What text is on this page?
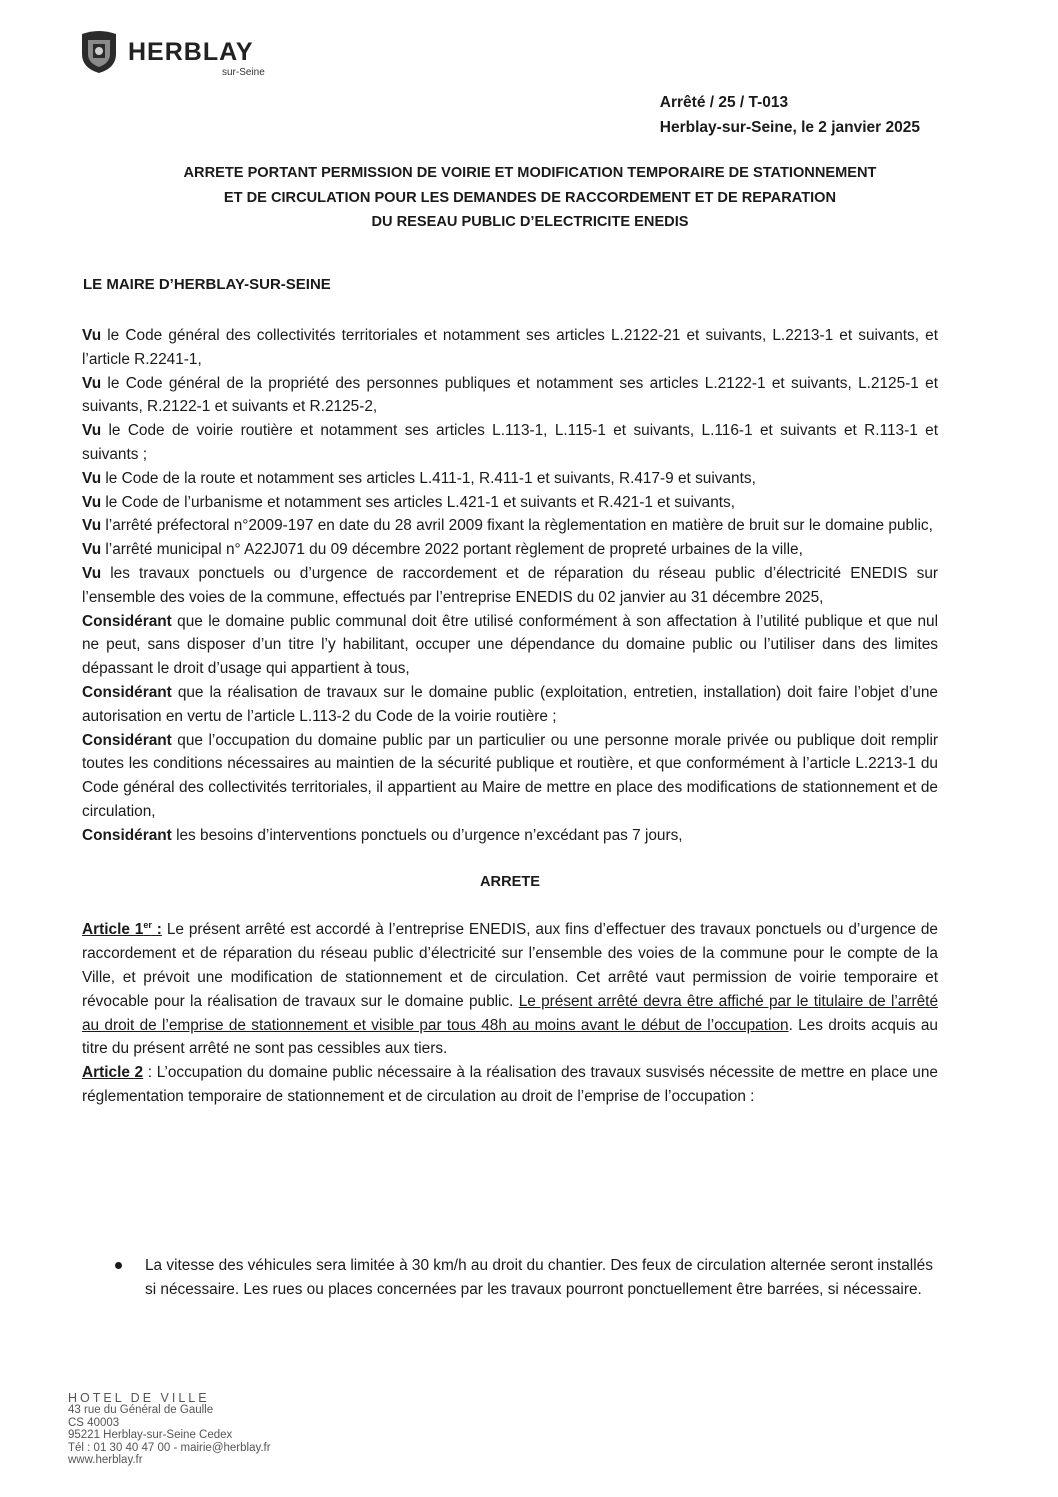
HERBLAY
sur-Seine
Arrêté / 25 / T-013
Herblay-sur-Seine, le 2 janvier 2025
ARRETE PORTANT PERMISSION DE VOIRIE ET MODIFICATION TEMPORAIRE DE STATIONNEMENT
ET DE CIRCULATION POUR LES DEMANDES DE RACCORDEMENT ET DE REPARATION
DU RESEAU PUBLIC D’ELECTRICITE ENEDIS
LE MAIRE D’HERBLAY-SUR-SEINE

Vu le Code général des collectivités territoriales et notamment ses articles L.2122-21 et suivants, L.2213-1 et suivants, et l’article R.2241-1,

Vu le Code général de la propriété des personnes publiques et notamment ses articles L.2122-1 et suivants, L.2125-1 et suivants, R.2122-1 et suivants et R.2125-2,

Vu le Code de voirie routière et notamment ses articles L.113-1, L.115-1 et suivants, L.116-1 et suivants et R.113-1 et suivants ;

Vu le Code de la route et notamment ses articles L.411-1, R.411-1 et suivants, R.417-9 et suivants,

Vu le Code de l’urbanisme et notamment ses articles L.421-1 et suivants et R.421-1 et suivants,

Vu l’arrêté préfectoral n°2009-197 en date du 28 avril 2009 fixant la règlementation en matière de bruit sur le domaine public,

Vu l’arrêté municipal n° A22J071 du 09 décembre 2022 portant règlement de propreté urbaines de la ville,

Vu les travaux ponctuels ou d’urgence de raccordement et de réparation du réseau public d’électricité ENEDIS sur l’ensemble des voies de la commune, effectués par l’entreprise ENEDIS du 02 janvier au 31 décembre 2025,

Considérant que le domaine public communal doit être utilisé conformément à son affectation à l’utilité publique et que nul ne peut, sans disposer d’un titre l’y habilitant, occuper une dépendance du domaine public ou l’utiliser dans des limites dépassant le droit d’usage qui appartient à tous,

Considérant que la réalisation de travaux sur le domaine public (exploitation, entretien, installation) doit faire l’objet d’une autorisation en vertu de l’article L.113-2 du Code de la voirie routière ;

Considérant que l’occupation du domaine public par un particulier ou une personne morale privée ou publique doit remplir toutes les conditions nécessaires au maintien de la sécurité publique et routière, et que conformément à l’article L.2213-1 du Code général des collectivités territoriales, il appartient au Maire de mettre en place des modifications de stationnement et de circulation,

Considérant les besoins d’interventions ponctuels ou d’urgence n’excédant pas 7 jours,

ARRETE

Article 1er : Le présent arrêté est accordé à l’entreprise ENEDIS, aux fins d’effectuer des travaux ponctuels ou d’urgence de raccordement et de réparation du réseau public d’électricité sur l’ensemble des voies de la commune pour le compte de la Ville, et prévoit une modification de stationnement et de circulation. Cet arrêté vaut permission de voirie temporaire et révocable pour la réalisation de travaux sur le domaine public. Le présent arrêté devra être affiché par le titulaire de l’arrêté au droit de l’emprise de stationnement et visible par tous 48h au moins avant le début de l’occupation. Les droits acquis au titre du présent arrêté ne sont pas cessibles aux tiers.

Article 2 : L’occupation du domaine public nécessaire à la réalisation des travaux susvisés nécessite de mettre en place une réglementation temporaire de stationnement et de circulation au droit de l’emprise de l’occupation :

La vitesse des véhicules sera limitée à 30 km/h au droit du chantier. Des feux de circulation alternée seront installés si nécessaire. Les rues ou places concernées par les travaux pourront ponctuellement être barrées, si nécessaire.
HOTEL DE VILLE
43 rue du Général de Gaulle
CS 40003
95221 Herblay-sur-Seine Cedex
Tél : 01 30 40 47 00 - mairie@herblay.fr
www.herblay.fr
